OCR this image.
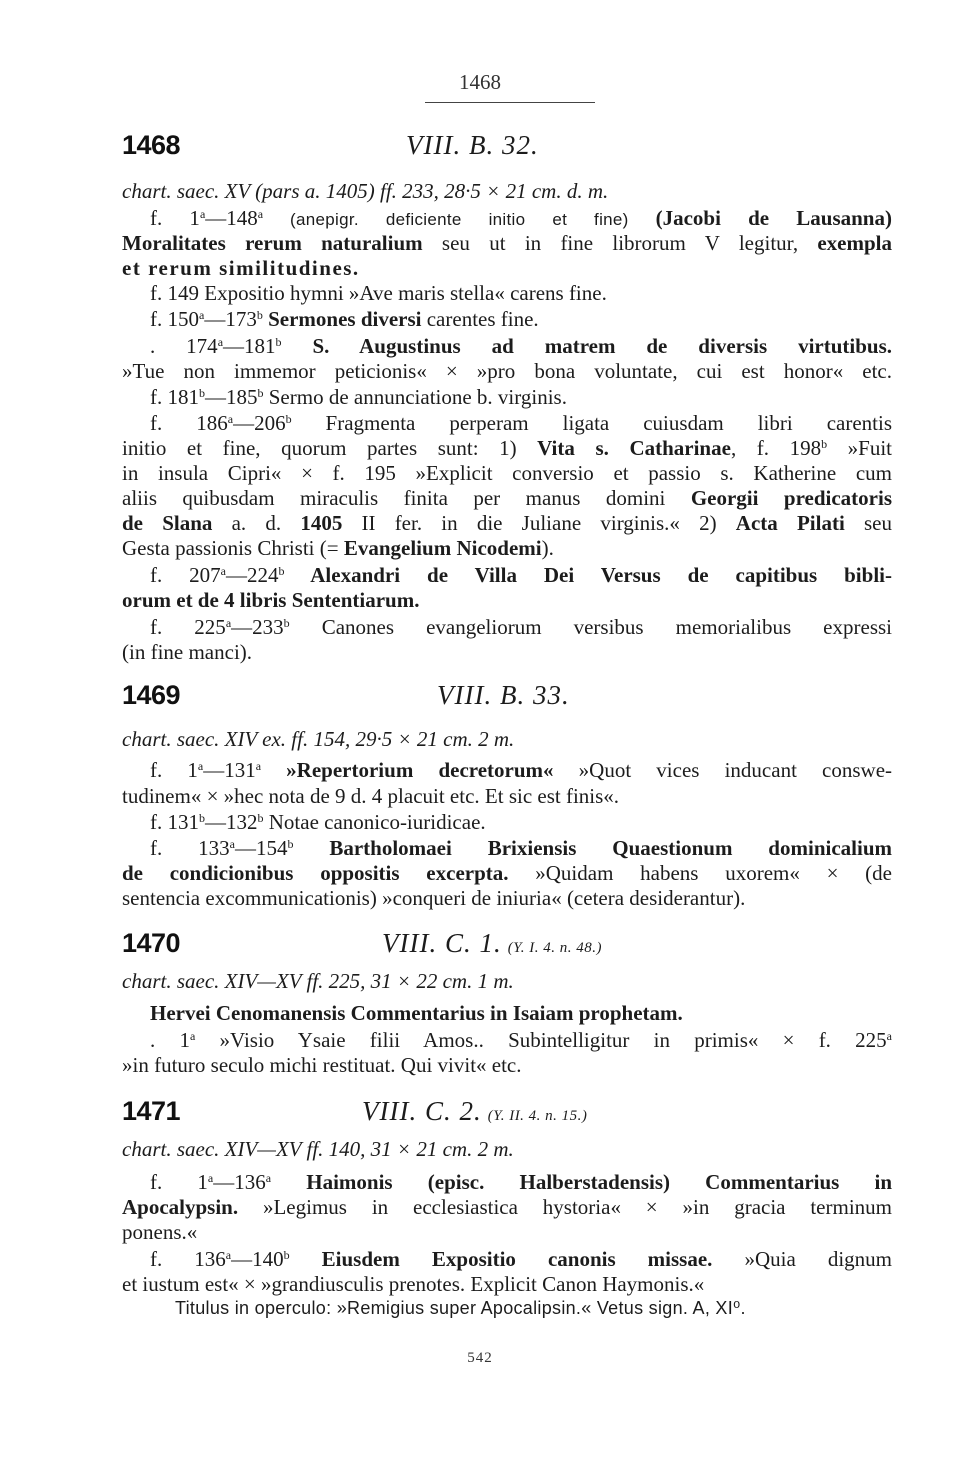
1468
1468	VIII. B. 32.
chart. saec. XV (pars a. 1405) ff. 233, 28·5 × 21 cm. d. m.
f. 1$^a$—148$^a$ (anepigr. deficiente initio et fine) (Jacobi de Lausanna)
Moralitates rerum naturalium seu ut in fine librorum V legitur, exempla
et rerum similitudines.
f. 149 Expositio hymni »Ave maris stella« carens fine.
f. 150$^a$—173$^b$ Sermones diversi carentes fine.
. 174$^a$—181$^b$ S. Augustinus ad matrem de diversis virtutibus.
»Tue non immemor peticionis« × »pro bona voluntate, cui est honor« etc.
f. 181$^b$—185$^b$ Sermo de annunciatione b. virginis.
f. 186$^a$—206$^b$ Fragmenta perperam ligata cuiusdam libri carentis
initio et fine, quorum partes sunt: 1) Vita s. Catharinae, f. 198$^b$ »Fuit
in insula Cipri« × f. 195 »Explicit conversio et passio s. Katherine cum
aliis quibusdam miraculis finita per manus domini Georgii predicatoris
de Slana a. d. 1405 II fer. in die Juliane virginis.« 2) Acta Pilati seu
Gesta passionis Christi (= Evangelium Nicodemi).
f. 207$^a$—224$^b$ Alexandri de Villa Dei Versus de capitibus bibli-
orum et de 4 libris Sententiarum.
f. 225$^a$—233$^b$ Canones evangeliorum versibus memorialibus expressi
(in fine manci).
1469	VIII. B. 33.
chart. saec. XIV ex. ff. 154, 29·5 × 21 cm. 2 m.
f. 1$^a$—131$^a$ »Repertorium decretorum« »Quot vices inducant conswe-
tudinem« × »hec nota de 9 d. 4 placuit etc. Et sic est finis«.
f. 131$^b$—132$^b$ Notae canonico-iuridicae.
f. 133$^a$—154$^b$ Bartholomaei Brixiensis Quaestionum dominicalium
de condicionibus oppositis excerpta. »Quidam habens uxorem« × (de
sentencia excommunicationis) »conqueri de iniuria« (cetera desiderantur).
1470	VIII. C. 1. (Y. I. 4. n. 48.)
chart. saec. XIV—XV ff. 225, 31 × 22 cm. 1 m.
Hervei Cenomanensis Commentarius in Isaiam prophetam.
. 1$^a$ »Visio Ysaie filii Amos.. Subintelligitur in primis« × f. 225$^a$
»in futuro seculo michi restituat. Qui vivit« etc.
1471	VIII. C. 2. (Y. II. 4. n. 15.)
chart. saec. XIV—XV ff. 140, 31 × 21 cm. 2 m.
f. 1$^a$—136$^a$ Haimonis (episc. Halberstadensis) Commentarius in
Apocalypsin. »Legimus in ecclesiastica hystoria« × »in gracia terminum
ponens.«
f. 136$^a$—140$^b$ Eiusdem Expositio canonis missae. »Quia dignum
et iustum est« × »grandiusculis prenotes. Explicit Canon Haymonis.«
Titulus in operculo: »Remigius super Apocalipsin.« Vetus sign. A, XI⁰.
542
